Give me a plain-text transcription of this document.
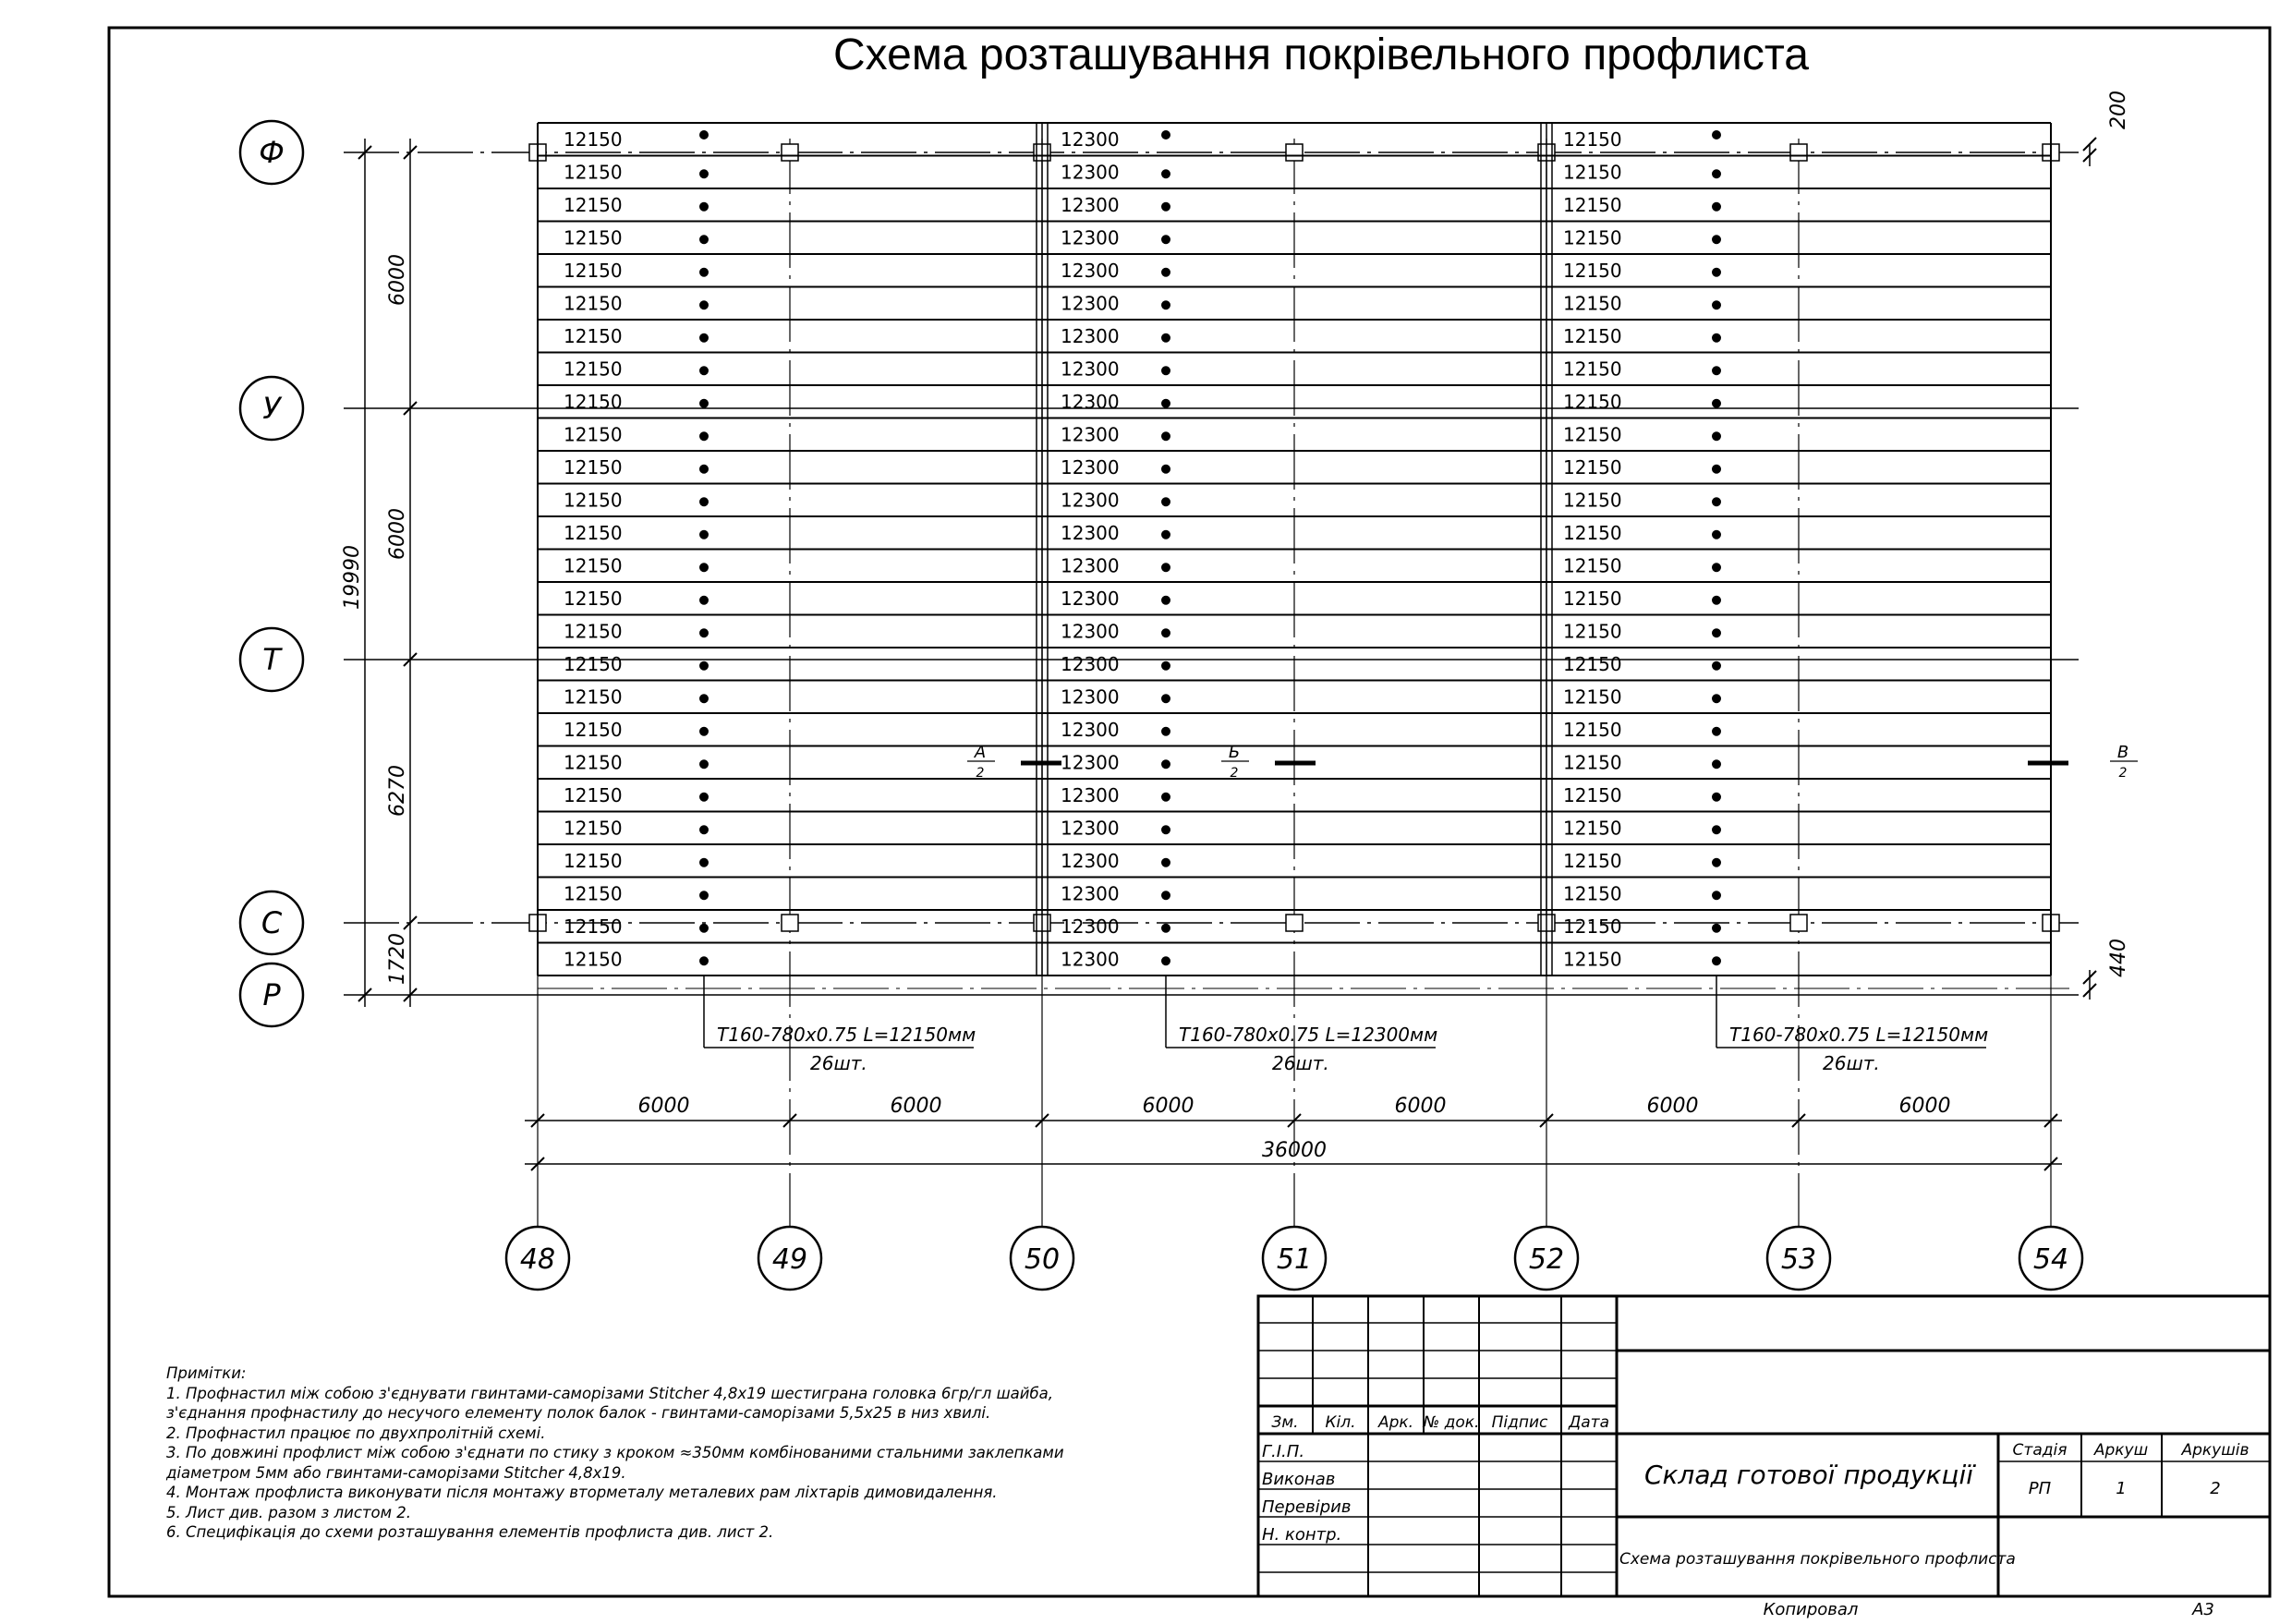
12150
12150
12150
12150
12150
12150
12150
12150
12150
12150
12150
12150
12150
12150
12150
12150
12150
12150
12150
12150
12150
12150
12150
12150
12150
12150
Т160-780х0.75 L=12150мм
26шт.
12300
12300
12300
12300
12300
12300
12300
12300
12300
12300
12300
12300
12300
12300
12300
12300
12300
12300
12300
12300
12300
12300
12300
12300
12300
12300
Т160-780х0.75 L=12300мм
26шт.
12150
12150
12150
12150
12150
12150
12150
12150
12150
12150
12150
12150
12150
12150
12150
12150
12150
12150
12150
12150
12150
12150
12150
12150
12150
12150
Т160-780х0.75 L=12150мм
26шт.
19990
6000
6000
6270
1720
200
440
6000	6000	6000	6000	6000	6000
36000
А
2
Б
2
В
2
Ф
У
Т
С
Р
48	49	50	51	52	53	54
Зм. Кіл. Арк. № док. Підпис Дата
Г.І.П.
Виконав
Перевірив
Н. контр.
Склад готової продукції
Схема розташування покрівельного профлиста
Стадія Аркуш Аркушів
РП	1	2
Копировал	А3
Схема розташування покрівельного профлиста
Примітки:
1. Профнастил між собою з'єднувати гвинтами-саморізами Stitcher 4,8х19 шестиграна головка 6гр/гл шайба,
з'єднання профнастилу до несучого елементу полок балок - гвинтами-саморізами 5,5х25 в низ хвилі.
2. Профнастил працює по двухпролітній схемі.
3. По довжині профлист між собою з'єднати по стику з кроком ≈350мм комбінованими стальними заклепками
діаметром 5мм або гвинтами-саморізами Stitcher 4,8х19.
4. Монтаж профлиста виконувати після монтажу вторметалу металевих рам ліхтарів димовидалення.
5. Лист див. разом з листом 2.
6. Специфікація до схеми розташування елементів профлиста див. лист 2.
